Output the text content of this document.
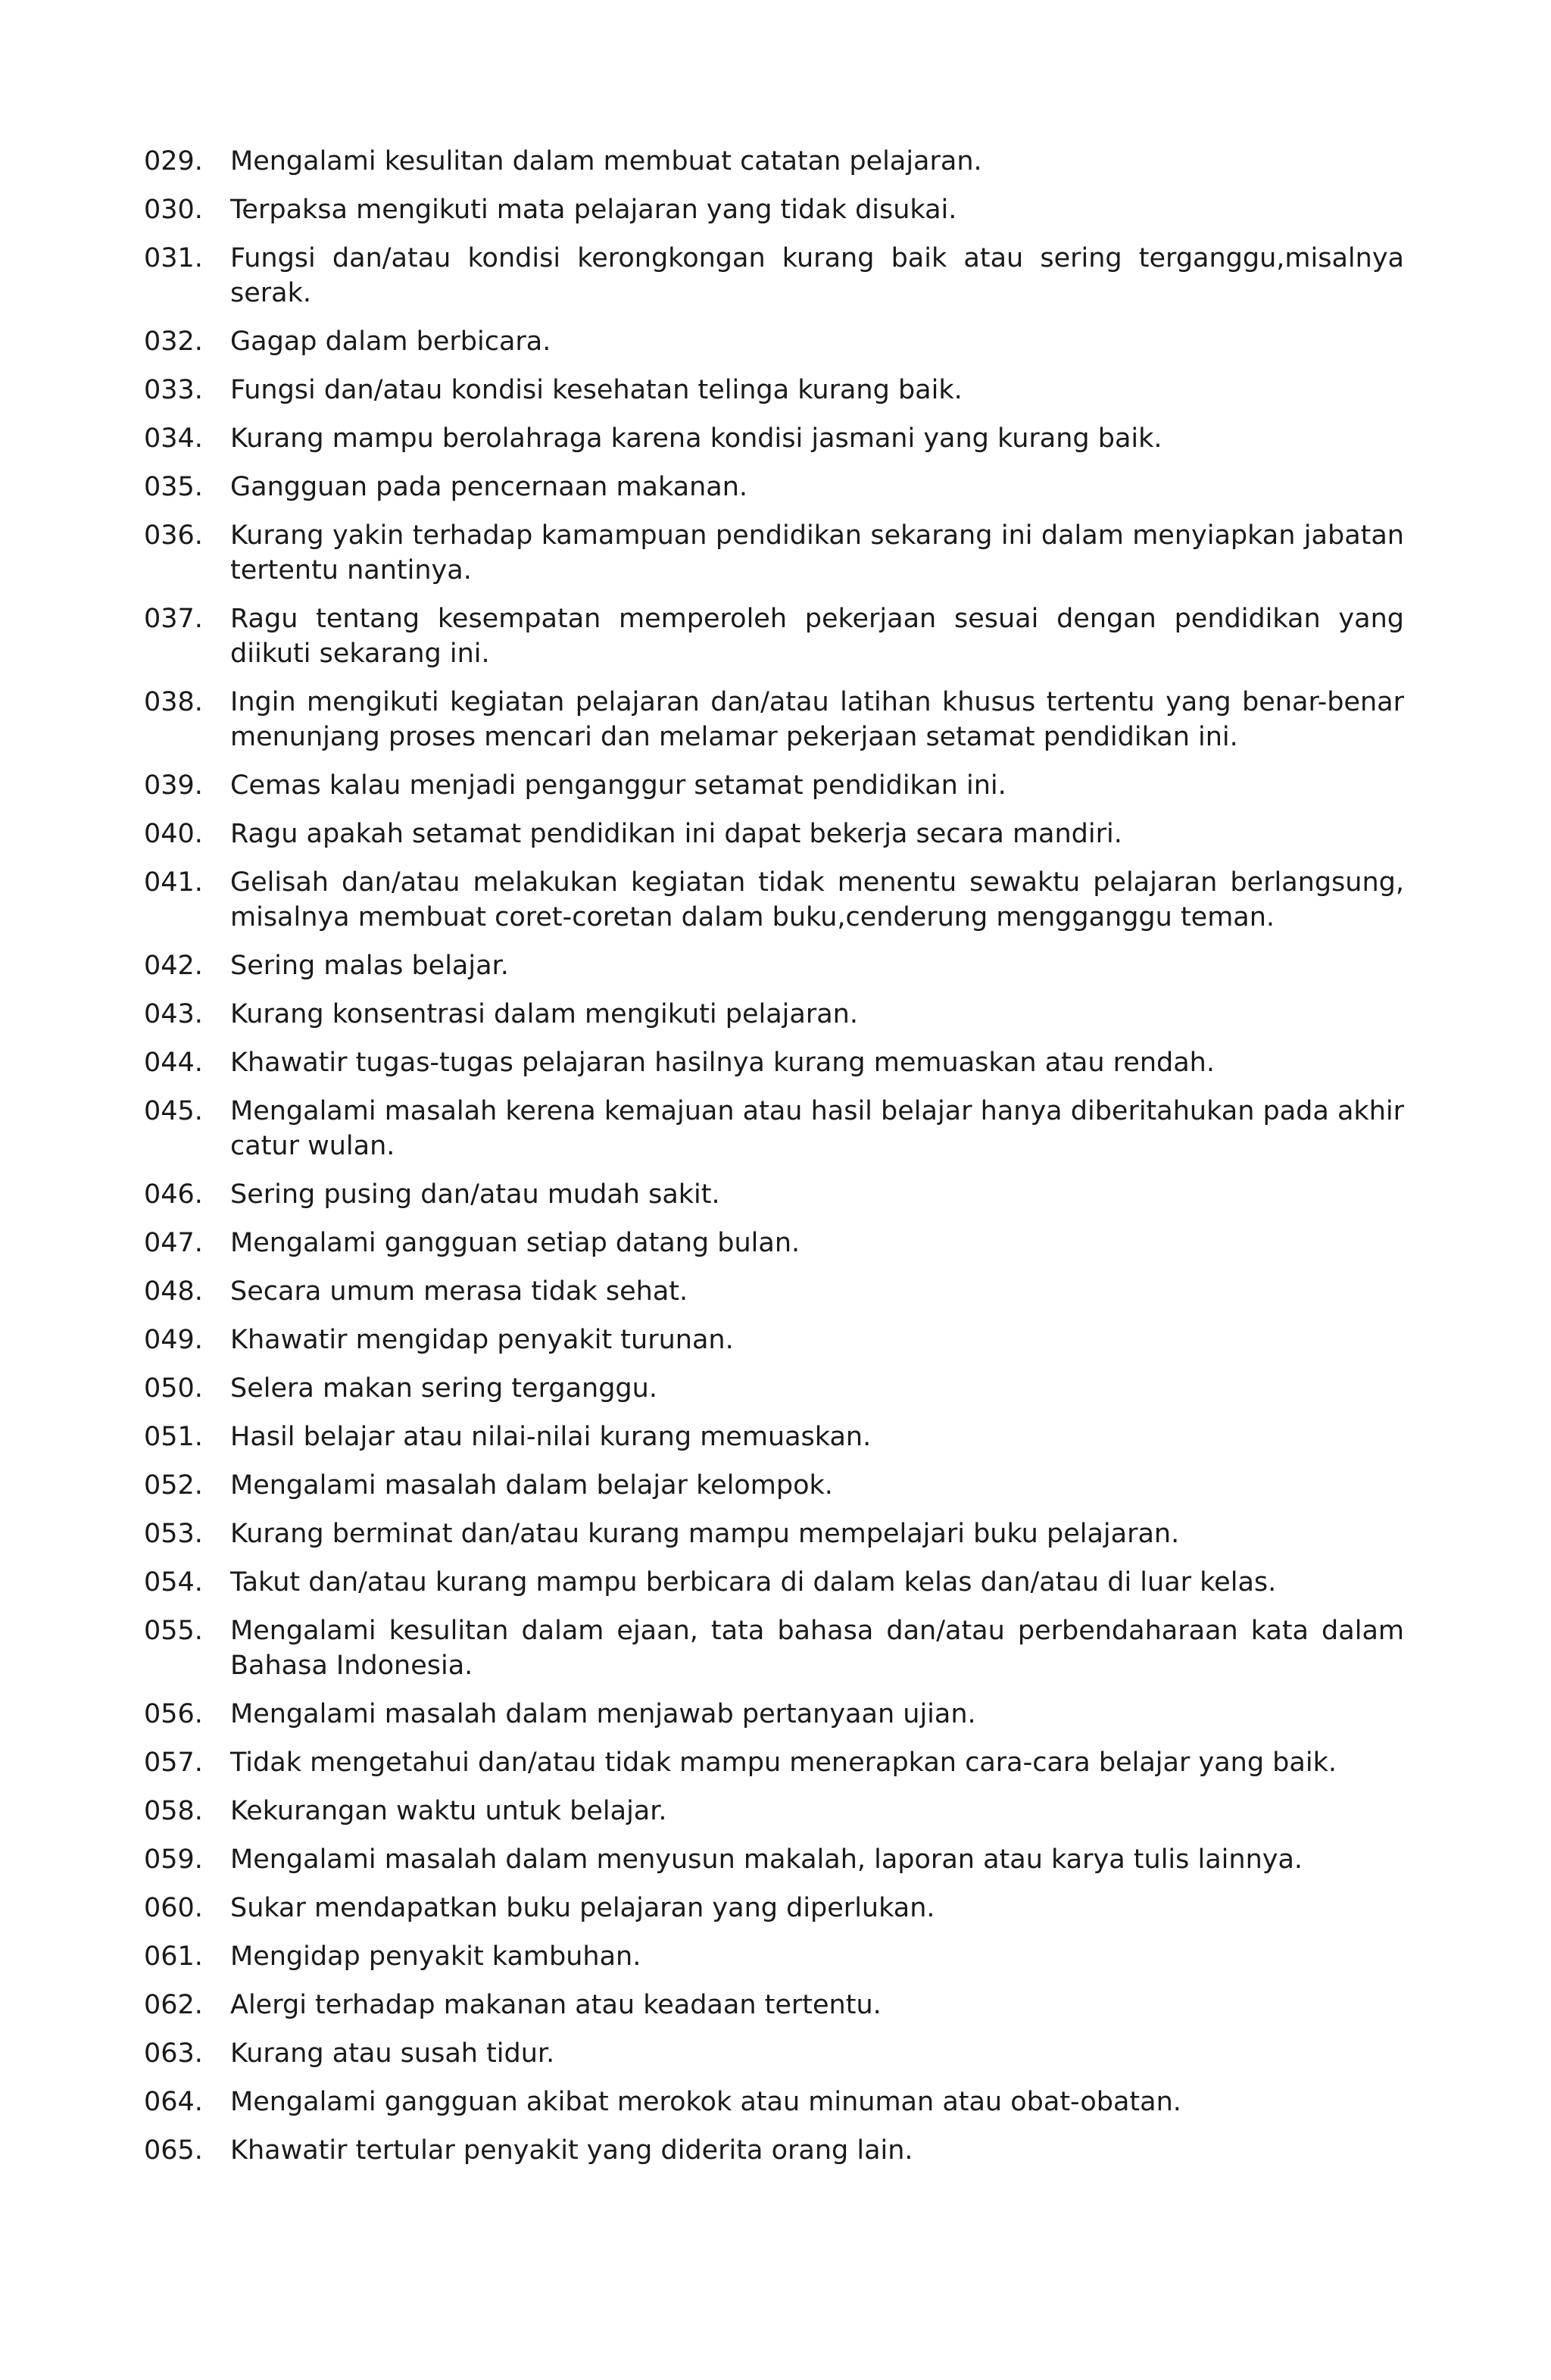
029.	Mengalami kesulitan dalam membuat catatan pelajaran.
030.	Terpaksa mengikuti mata pelajaran yang tidak disukai.
031.	Fungsi dan/atau kondisi kerongkongan kurang baik atau sering terganggu,misalnya serak.
032.	Gagap dalam berbicara.
033.	Fungsi dan/atau kondisi kesehatan telinga kurang baik.
034.	Kurang mampu berolahraga karena kondisi jasmani yang kurang baik.
035.	Gangguan pada pencernaan makanan.
036.	Kurang yakin terhadap kamampuan pendidikan sekarang ini dalam menyiapkan jabatan tertentu nantinya.
037.	Ragu tentang kesempatan memperoleh pekerjaan sesuai dengan pendidikan yang diikuti sekarang ini.
038.	Ingin mengikuti kegiatan pelajaran dan/atau latihan khusus tertentu yang benar-benar menunjang proses mencari dan melamar pekerjaan setamat pendidikan ini.
039.	Cemas kalau menjadi penganggur setamat pendidikan ini.
040.	Ragu apakah setamat pendidikan ini dapat bekerja secara mandiri.
041.	Gelisah dan/atau melakukan kegiatan tidak menentu sewaktu pelajaran berlangsung, misalnya membuat coret-coretan dalam buku,cenderung mengganggu teman.
042.	Sering malas belajar.
043.	Kurang konsentrasi dalam mengikuti pelajaran.
044.	Khawatir tugas-tugas pelajaran hasilnya kurang memuaskan atau rendah.
045.	Mengalami masalah kerena kemajuan atau hasil belajar hanya diberitahukan pada akhir catur wulan.
046.	Sering pusing dan/atau mudah sakit.
047.	Mengalami gangguan setiap datang bulan.
048.	Secara umum merasa tidak sehat.
049.	Khawatir mengidap penyakit turunan.
050.	Selera makan sering terganggu.
051.	Hasil belajar atau nilai-nilai kurang memuaskan.
052.	Mengalami masalah dalam belajar kelompok.
053.	Kurang berminat dan/atau kurang mampu mempelajari buku pelajaran.
054.	Takut dan/atau kurang mampu berbicara di dalam kelas dan/atau di luar kelas.
055.	Mengalami kesulitan dalam ejaan, tata bahasa dan/atau perbendaharaan kata dalam Bahasa Indonesia.
056.	Mengalami masalah dalam menjawab pertanyaan ujian.
057.	Tidak mengetahui dan/atau tidak mampu menerapkan cara-cara belajar yang baik.
058.	Kekurangan waktu untuk belajar.
059.	Mengalami masalah dalam menyusun makalah, laporan atau karya tulis lainnya.
060.	Sukar mendapatkan buku pelajaran yang diperlukan.
061.	Mengidap penyakit kambuhan.
062.	Alergi terhadap makanan atau keadaan tertentu.
063.	Kurang atau susah tidur.
064.	Mengalami gangguan akibat merokok atau minuman atau obat-obatan.
065.	Khawatir tertular penyakit yang diderita orang lain.
